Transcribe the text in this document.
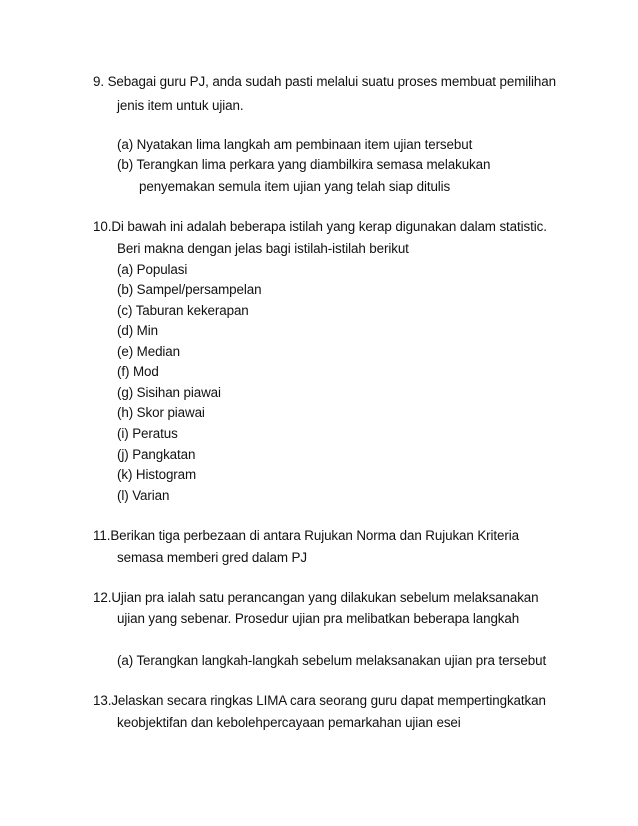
9. Sebagai guru PJ, anda sudah pasti melalui suatu proses membuat pemilihan
jenis item untuk ujian.
(a) Nyatakan lima langkah am pembinaan item ujian tersebut
(b) Terangkan lima perkara yang diambilkira semasa melakukan
penyemakan semula item ujian yang telah siap ditulis
10.Di bawah ini adalah beberapa istilah yang kerap digunakan dalam statistic.
Beri makna dengan jelas bagi istilah-istilah berikut
(a) Populasi
(b) Sampel/persampelan
(c) Taburan kekerapan
(d) Min
(e) Median
(f) Mod
(g) Sisihan piawai
(h) Skor piawai
(i) Peratus
(j) Pangkatan
(k) Histogram
(l) Varian
11.Berikan tiga perbezaan di antara Rujukan Norma dan Rujukan Kriteria
semasa memberi gred dalam PJ
12.Ujian pra ialah satu perancangan yang dilakukan sebelum melaksanakan
ujian yang sebenar. Prosedur ujian pra melibatkan beberapa langkah
(a) Terangkan langkah-langkah sebelum melaksanakan ujian pra tersebut
13.Jelaskan secara ringkas LIMA cara seorang guru dapat mempertingkatkan
keobjektifan dan kebolehpercayaan pemarkahan ujian esei
